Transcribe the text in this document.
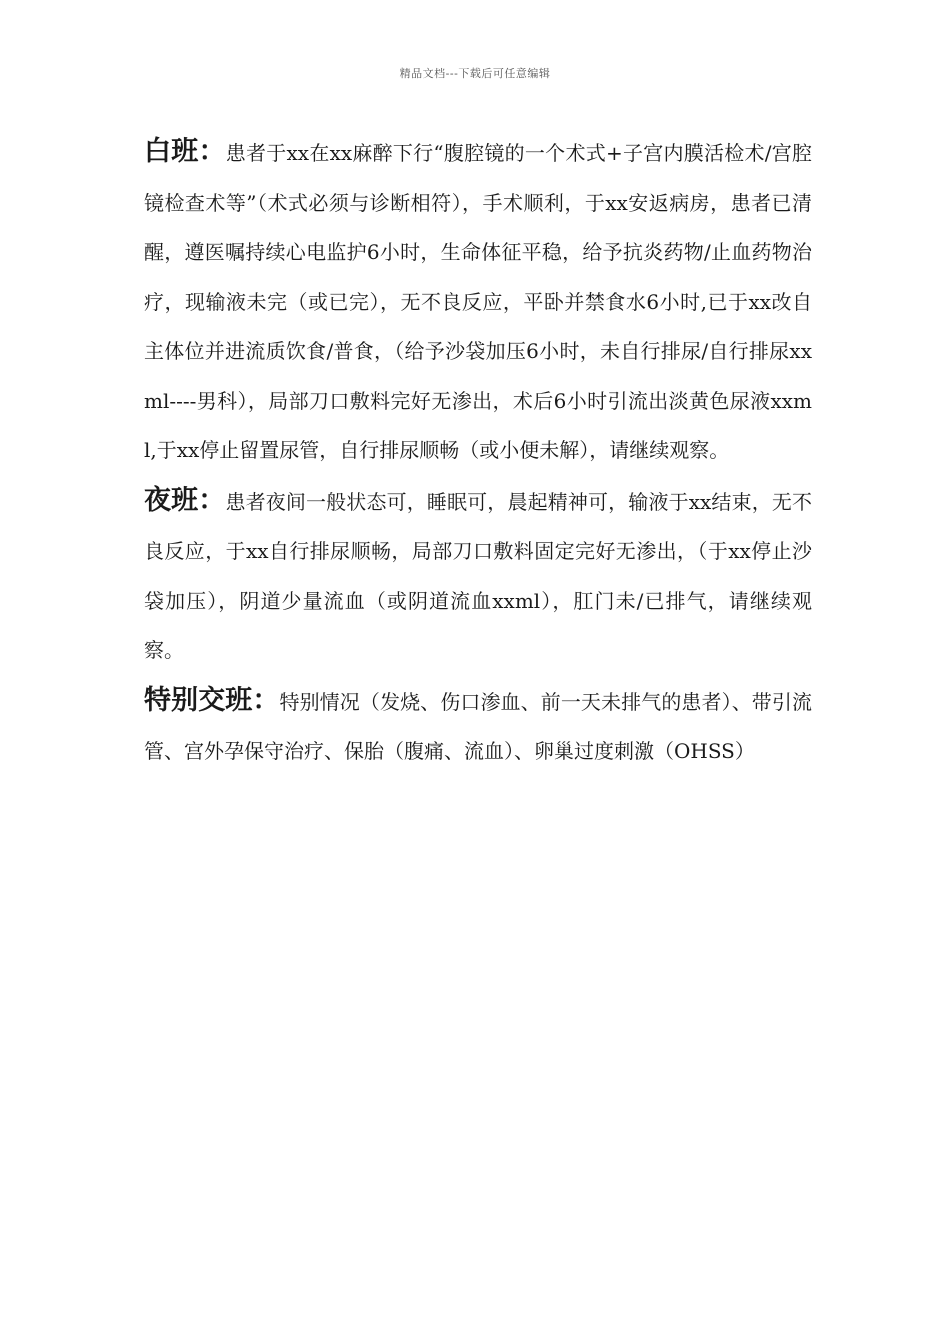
精品文档---下载后可任意编辑

白班：患者于xx在xx麻醉下行“腹腔镜的一个术式+子宫内膜活检术/宫腔镜检查术等”（术式必须与诊断相符），手术顺利，于xx安返病房，患者已清醒，遵医嘱持续心电监护6小时，生命体征平稳，给予抗炎药物/止血药物治疗，现输液未完（或已完），无不良反应，平卧并禁食水6小时,已于xx改自主体位并进流质饮食/普食，（给予沙袋加压6小时，未自行排尿/自行排尿xxml----男科），局部刀口敷料完好无渗出，术后6小时引流出淡黄色尿液xxml,于xx停止留置尿管，自行排尿顺畅（或小便未解），请继续观察。

夜班：患者夜间一般状态可，睡眠可，晨起精神可，输液于xx结束，无不良反应，于xx自行排尿顺畅，局部刀口敷料固定完好无渗出，（于xx停止沙袋加压），阴道少量流血（或阴道流血xxml），肛门未/已排气，请继续观察。

特别交班：特别情况（发烧、伤口渗血、前一天未排气的患者）、带引流管、宫外孕保守治疗、保胎（腹痛、流血）、卵巢过度刺激（OHSS）
